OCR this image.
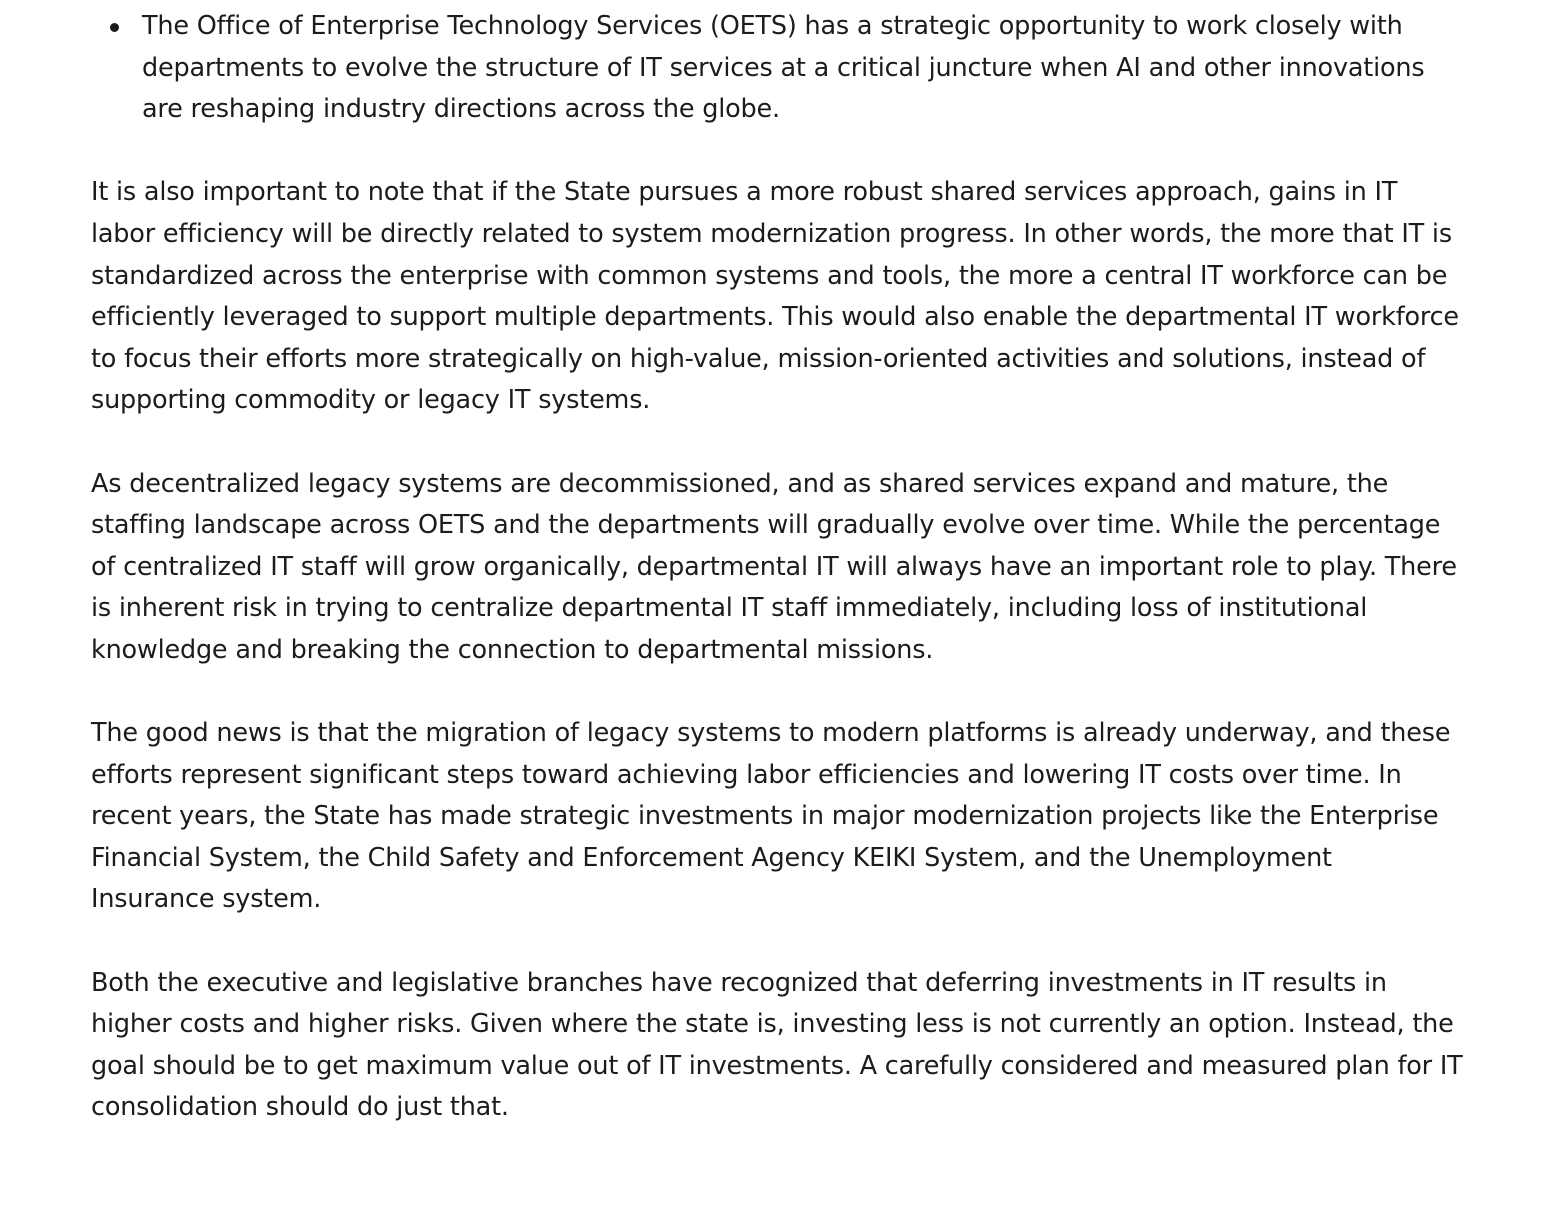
The Office of Enterprise Technology Services (OETS) has a strategic opportunity to work closely with departments to evolve the structure of IT services at a critical juncture when AI and other innovations are reshaping industry directions across the globe.

It is also important to note that if the State pursues a more robust shared services approach, gains in IT labor efficiency will be directly related to system modernization progress. In other words, the more that IT is standardized across the enterprise with common systems and tools, the more a central IT workforce can be efficiently leveraged to support multiple departments. This would also enable the departmental IT workforce to focus their efforts more strategically on high-value, mission-oriented activities and solutions, instead of supporting commodity or legacy IT systems.

As decentralized legacy systems are decommissioned, and as shared services expand and mature, the staffing landscape across OETS and the departments will gradually evolve over time. While the percentage of centralized IT staff will grow organically, departmental IT will always have an important role to play. There is inherent risk in trying to centralize departmental IT staff immediately, including loss of institutional knowledge and breaking the connection to departmental missions.

The good news is that the migration of legacy systems to modern platforms is already underway, and these efforts represent significant steps toward achieving labor efficiencies and lowering IT costs over time. In recent years, the State has made strategic investments in major modernization projects like the Enterprise Financial System, the Child Safety and Enforcement Agency KEIKI System, and the Unemployment Insurance system.

Both the executive and legislative branches have recognized that deferring investments in IT results in higher costs and higher risks. Given where the state is, investing less is not currently an option. Instead, the goal should be to get maximum value out of IT investments. A carefully considered and measured plan for IT consolidation should do just that.
